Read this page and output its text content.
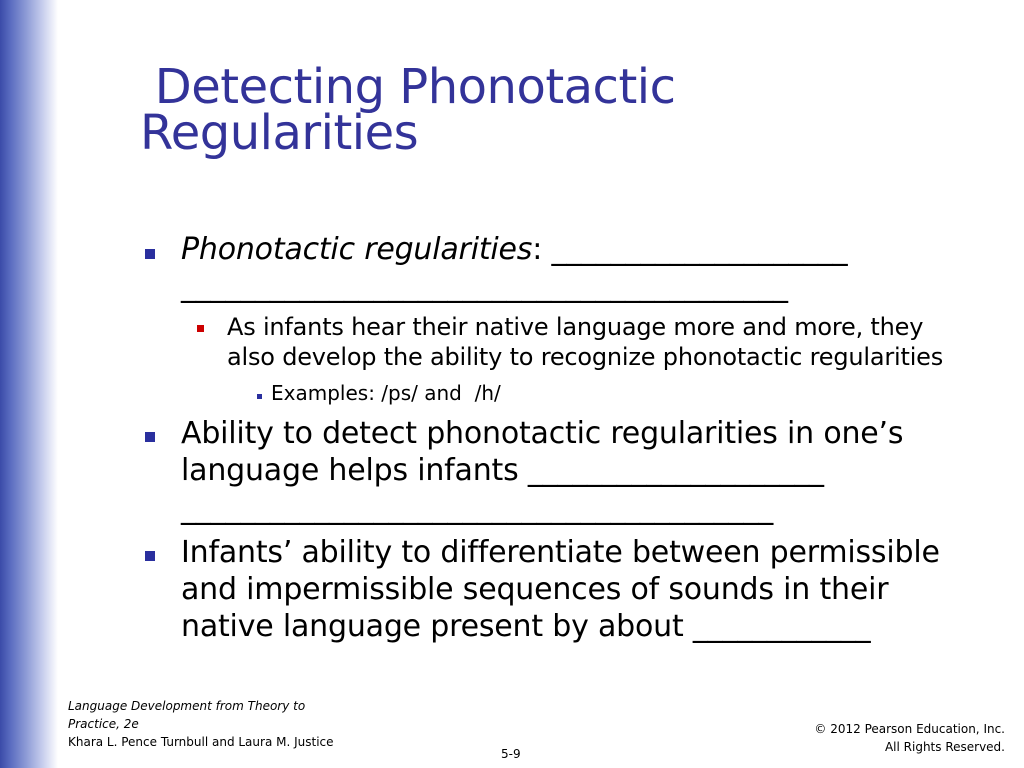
Detecting Phonotactic
Regularities
Phonotactic regularities: ____________________
_________________________________________
As infants hear their native language more and more, they
also develop the ability to recognize phonotactic regularities
Examples: /ps/ and  /h/
Ability to detect phonotactic regularities in one’s
language helps infants ____________________
________________________________________
Infants’ ability to differentiate between permissible
and impermissible sequences of sounds in their
native language present by about ____________
Language Development from Theory to
Practice, 2e
Khara L. Pence Turnbull and Laura M. Justice
© 2012 Pearson Education, Inc.
All Rights Reserved.
5-9
